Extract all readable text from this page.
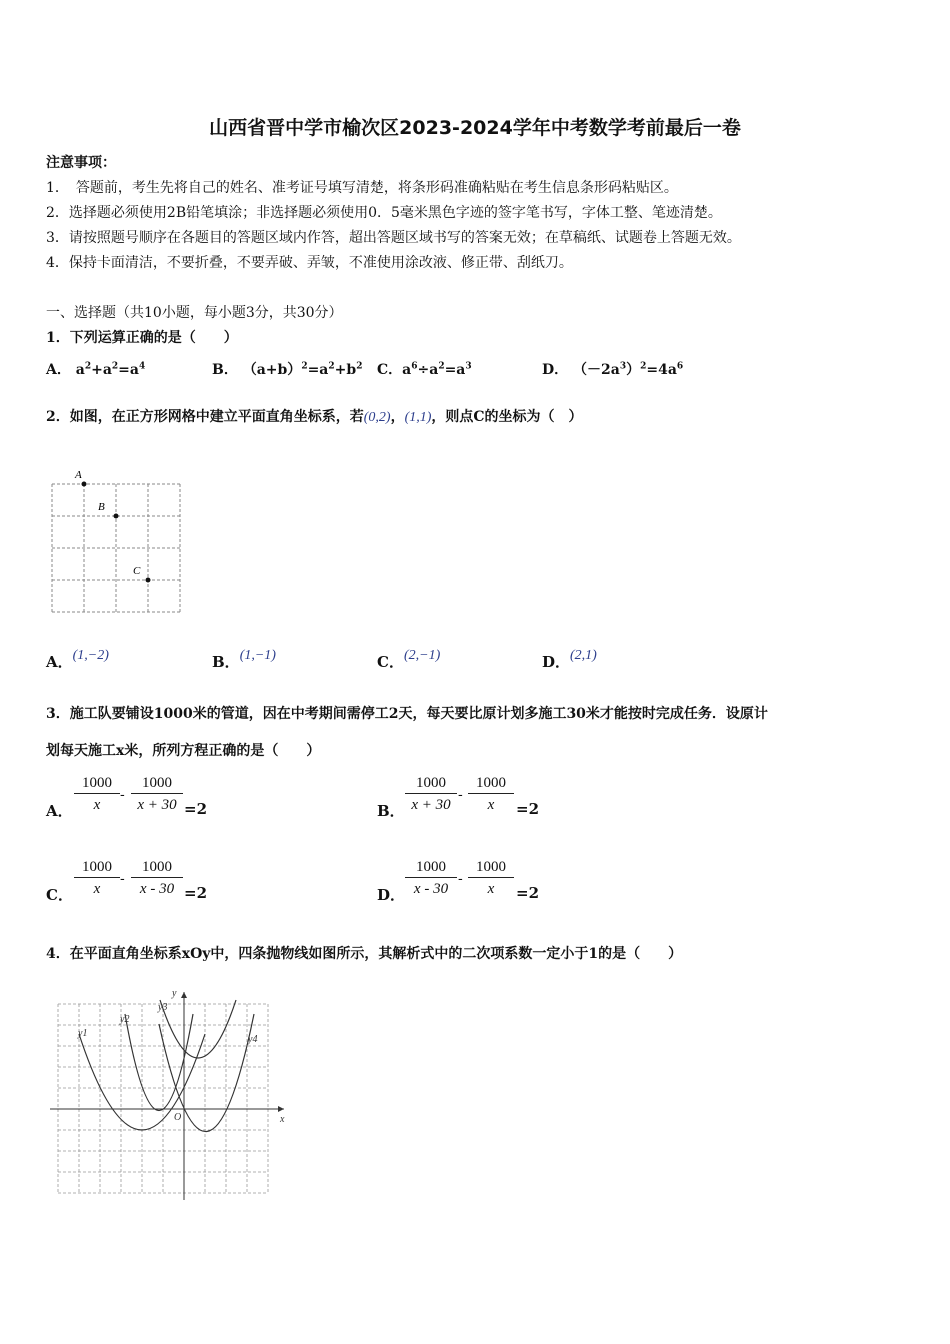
山西省晋中学市榆次区2023-2024学年中考数学考前最后一卷
注意事项：
1．　答题前，考生先将自己的姓名、准考证号填写清楚，将条形码准确粘贴在考生信息条形码粘贴区。
2．选择题必须使用2B铅笔填涂；非选择题必须使用0．5毫米黑色字迹的签字笔书写，字体工整、笔迹清楚。
3．请按照题号顺序在各题目的答题区域内作答，超出答题区域书写的答案无效；在草稿纸、试题卷上答题无效。
4．保持卡面清洁，不要折叠，不要弄破、弄皱，不准使用涂改液、修正带、刮纸刀。
一、选择题（共10小题，每小题3分，共30分）
1．下列运算正确的是（　　）
A． $a^2+a^2=a^4$	B． $(a+b)^2=a^2+b^2$ C．$a^6\div a^2=a^3$	D． $(-2a^3)^2=4a^6$
2．如图，在正方形网格中建立平面直角坐标系，若(0,2)，(1,1)，则点C的坐标为（　）
A
B
C
A．(1,−2)	B．(1,−1)	C．(2,−1)	D．(2,1)
3．施工队要铺设1000米的管道，因在中考期间需停工2天，每天要比原计划多施工30米才能按时完成任务．设原计
划每天施工x米，所列方程正确的是（　　）
A． $\frac{1000}{x} - \frac{1000}{x + 30} =2$	B． $\frac{1000}{x + 30} - \frac{1000}{x} =2$
C． $\frac{1000}{x} - \frac{1000}{x - 30} =2$	D． $\frac{1000}{x - 30} - \frac{1000}{x} =2$
4．在平面直角坐标系xOy中，四条抛物线如图所示，其解析式中的二次项系数一定小于1的是（　　）
y1
y2
y3
y4
x
y
O
